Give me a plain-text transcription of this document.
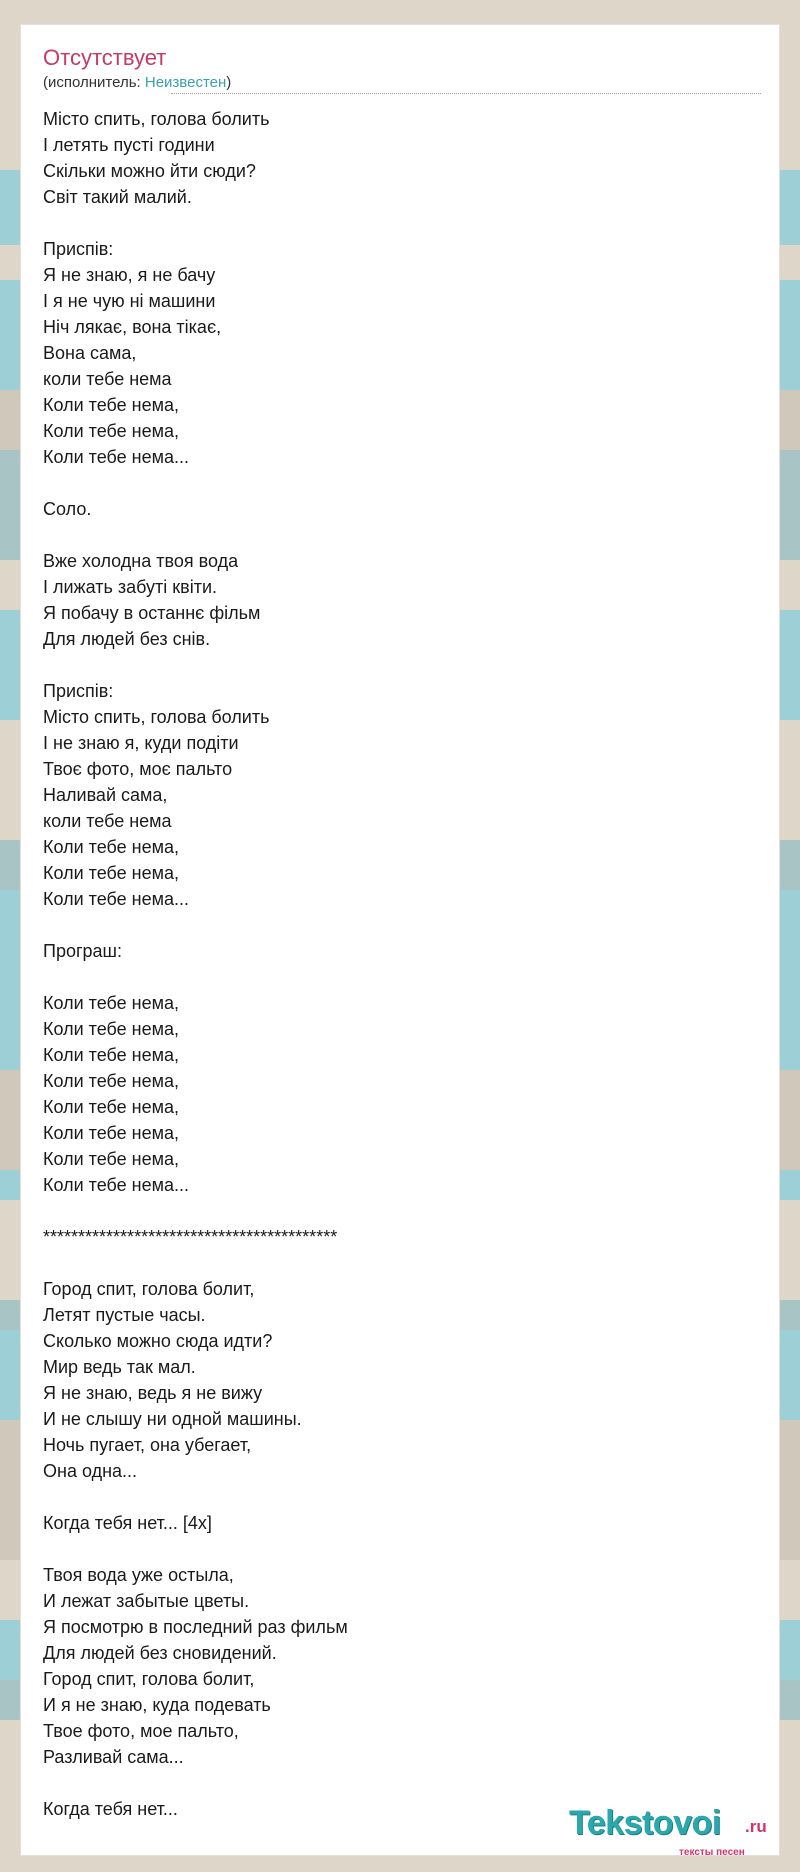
Отсутствует
(исполнитель: Неизвестен)
Місто спить, голова болить
І летять пусті години
Скільки можно йти сюди?
Світ такий малий.

Приспів:
Я не знаю, я не бачу
І я не чую ні машини
Ніч лякає, вона тікає,
Вона сама,
коли тебе нема
Коли тебе нема,
Коли тебе нема,
Коли тебе нема...

Соло.

Вже холодна твоя вода
І лижать забуті квіти.
Я побачу в останнє фільм
Для людей без снів.

Приспів:
Місто спить, голова болить
І не знаю я, куди подіти
Твоє фото, моє пальто
Наливай сама,
коли тебе нема
Коли тебе нема,
Коли тебе нема,
Коли тебе нема...

Програш:

Коли тебе нема,
Коли тебе нема,
Коли тебе нема,
Коли тебе нема,
Коли тебе нема,
Коли тебе нема,
Коли тебе нема,
Коли тебе нема...

******************************************

Город спит, голова болит,
Летят пустые часы.
Сколько можно сюда идти?
Мир ведь так мал.
Я не знаю, ведь я не вижу
И не слышу ни одной машины.
Ночь пугает, она убегает,
Она одна...

Когда тебя нет... [4x]

Твоя вода уже остыла,
И лежат забытые цветы.
Я посмотрю в последний раз фильм
Для людей без сновидений.
Город спит, голова болит,
И я не знаю, куда подевать
Твое фото, мое пальто,
Разливай сама...

Когда тебя нет...	Tekstovoi .ru
тексты песен
